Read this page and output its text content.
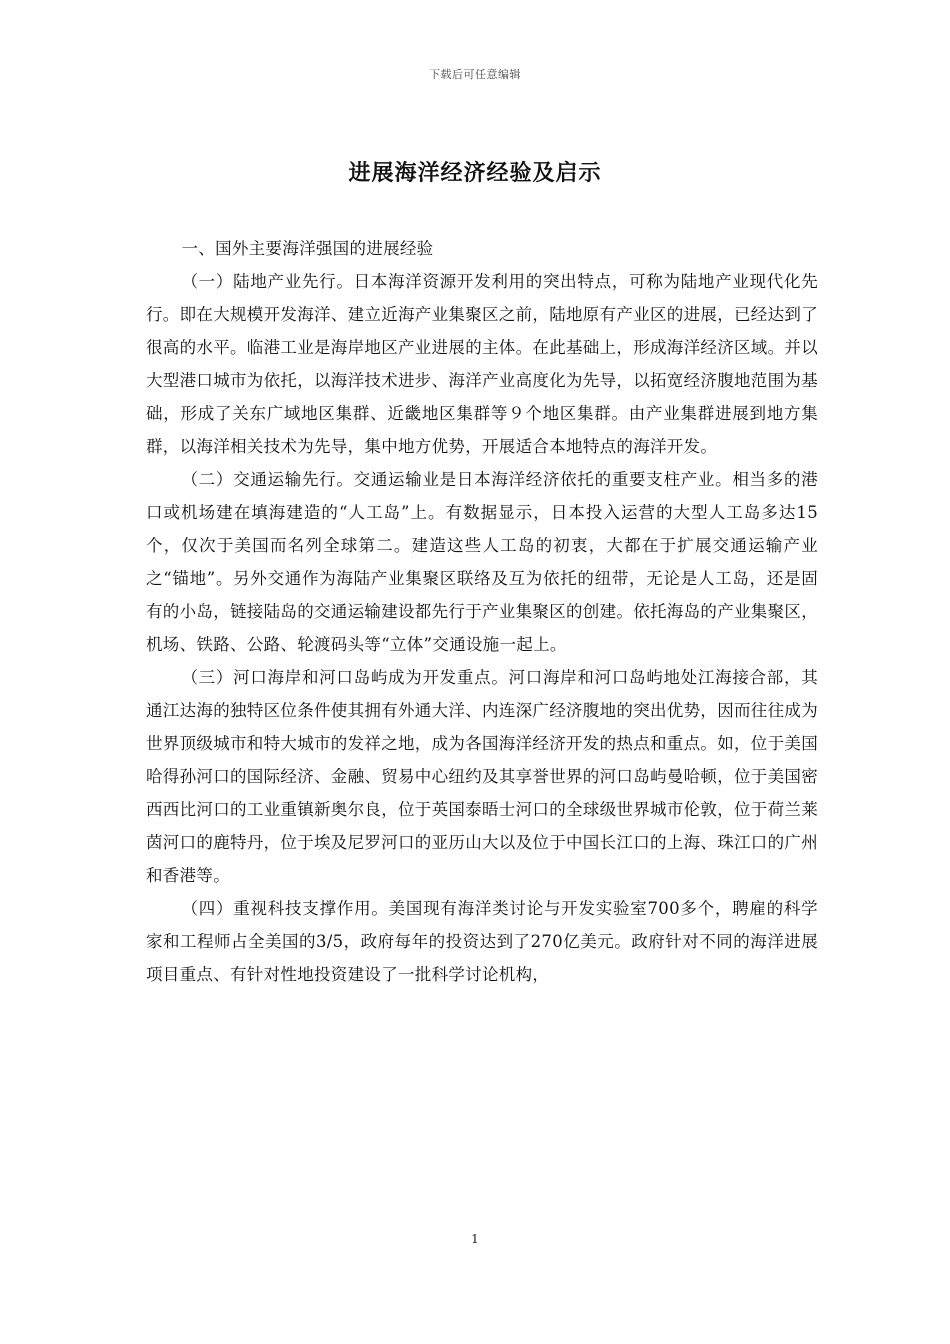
下载后可任意编辑
进展海洋经济经验及启示

一、国外主要海洋强国的进展经验

（一）陆地产业先行。日本海洋资源开发利用的突出特点，可称为陆地产业现代化先行。即在大规模开发海洋、建立近海产业集聚区之前，陆地原有产业区的进展，已经达到了很高的水平。临港工业是海岸地区产业进展的主体。在此基础上，形成海洋经济区域。并以大型港口城市为依托，以海洋技术进步、海洋产业高度化为先导，以拓宽经济腹地范围为基础，形成了关东广域地区集群、近畿地区集群等９个地区集群。由产业集群进展到地方集群，以海洋相关技术为先导，集中地方优势，开展适合本地特点的海洋开发。

（二）交通运输先行。交通运输业是日本海洋经济依托的重要支柱产业。相当多的港口或机场建在填海建造的“人工岛”上。有数据显示，日本投入运营的大型人工岛多达15个，仅次于美国而名列全球第二。建造这些人工岛的初衷，大都在于扩展交通运输产业之“锚地”。另外交通作为海陆产业集聚区联络及互为依托的纽带，无论是人工岛，还是固有的小岛，链接陆岛的交通运输建设都先行于产业集聚区的创建。依托海岛的产业集聚区，机场、铁路、公路、轮渡码头等“立体”交通设施一起上。

（三）河口海岸和河口岛屿成为开发重点。河口海岸和河口岛屿地处江海接合部，其通江达海的独特区位条件使其拥有外通大洋、内连深广经济腹地的突出优势，因而往往成为世界顶级城市和特大城市的发祥之地，成为各国海洋经济开发的热点和重点。如，位于美国哈得孙河口的国际经济、金融、贸易中心纽约及其享誉世界的河口岛屿曼哈顿，位于美国密西西比河口的工业重镇新奥尔良，位于英国泰晤士河口的全球级世界城市伦敦，位于荷兰莱茵河口的鹿特丹，位于埃及尼罗河口的亚历山大以及位于中国长江口的上海、珠江口的广州和香港等。

（四）重视科技支撑作用。美国现有海洋类讨论与开发实验室700多个，聘雇的科学家和工程师占全美国的3/5，政府每年的投资达到了270亿美元。政府针对不同的海洋进展项目重点、有针对性地投资建设了一批科学讨论机构，

1
